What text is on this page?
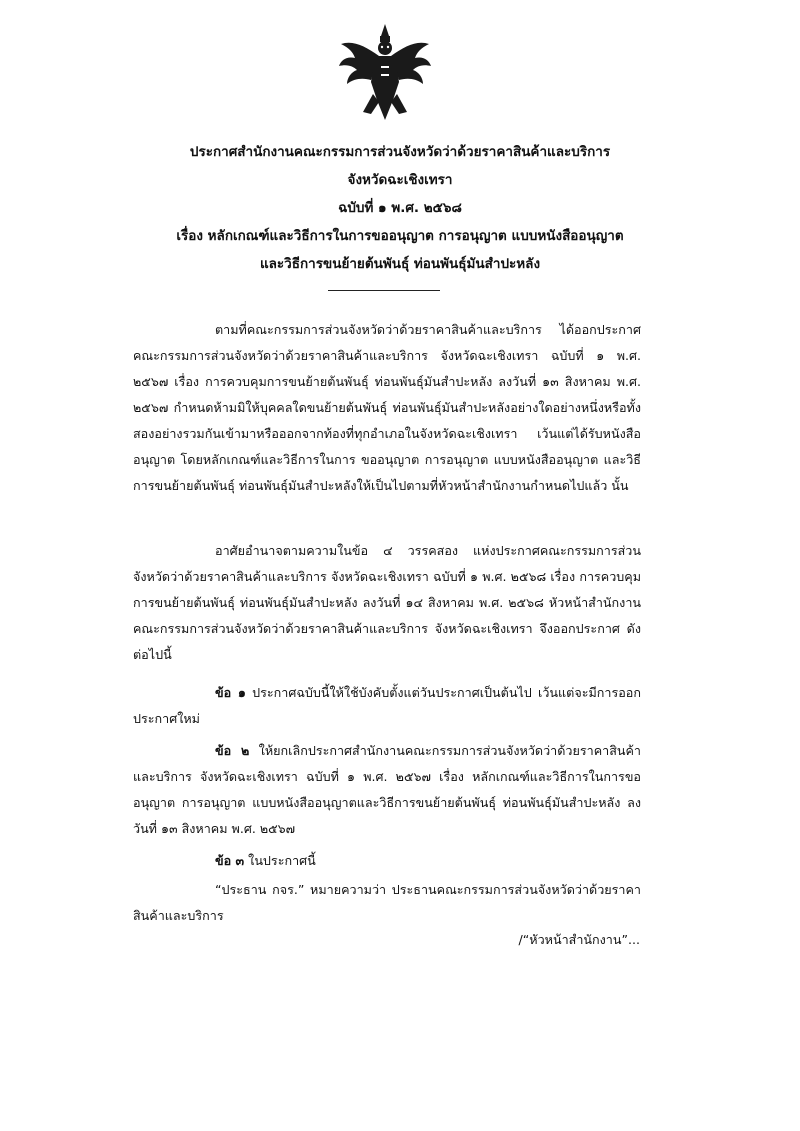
ประกาศสำนักงานคณะกรรมการส่วนจังหวัดว่าด้วยราคาสินค้าและบริการ
จังหวัดฉะเชิงเทรา
ฉบับที่ ๑ พ.ศ. ๒๕๖๘
เรื่อง หลักเกณฑ์และวิธีการในการขออนุญาต การอนุญาต แบบหนังสืออนุญาต
และวิธีการขนย้ายต้นพันธุ์ ท่อนพันธุ์มันสำปะหลัง
ตามที่คณะกรรมการส่วนจังหวัดว่าด้วยราคาสินค้าและบริการ ได้ออกประกาศคณะกรรมการส่วนจังหวัดว่าด้วยราคาสินค้าและบริการ จังหวัดฉะเชิงเทรา ฉบับที่ ๑ พ.ศ. ๒๕๖๗ เรื่อง การควบคุมการขนย้ายต้นพันธุ์ ท่อนพันธุ์มันสำปะหลัง ลงวันที่ ๑๓ สิงหาคม พ.ศ. ๒๕๖๗ กำหนดห้ามมิให้บุคคลใดขนย้ายต้นพันธุ์ ท่อนพันธุ์มันสำปะหลังอย่างใดอย่างหนึ่งหรือทั้งสองอย่างรวมกันเข้ามาหรือออกจากท้องที่ทุกอำเภอในจังหวัดฉะเชิงเทรา เว้นแต่ได้รับหนังสืออนุญาต โดยหลักเกณฑ์และวิธีการในการ ขออนุญาต การอนุญาต แบบหนังสืออนุญาต และวิธีการขนย้ายต้นพันธุ์ ท่อนพันธุ์มันสำปะหลังให้เป็นไปตามที่หัวหน้าสำนักงานกำหนดไปแล้ว นั้น
อาศัยอำนาจตามความในข้อ ๔ วรรคสอง แห่งประกาศคณะกรรมการส่วนจังหวัดว่าด้วยราคาสินค้าและบริการ จังหวัดฉะเชิงเทรา ฉบับที่ ๑ พ.ศ. ๒๕๖๘ เรื่อง การควบคุมการขนย้ายต้นพันธุ์ ท่อนพันธุ์มันสำปะหลัง ลงวันที่ ๑๔ สิงหาคม พ.ศ. ๒๕๖๘ หัวหน้าสำนักงานคณะกรรมการส่วนจังหวัดว่าด้วยราคาสินค้าและบริการ จังหวัดฉะเชิงเทรา จึงออกประกาศ ดังต่อไปนี้
ข้อ ๑ ประกาศฉบับนี้ให้ใช้บังคับตั้งแต่วันประกาศเป็นต้นไป เว้นแต่จะมีการออกประกาศใหม่
ข้อ ๒ ให้ยกเลิกประกาศสำนักงานคณะกรรมการส่วนจังหวัดว่าด้วยราคาสินค้าและบริการ จังหวัดฉะเชิงเทรา ฉบับที่ ๑ พ.ศ. ๒๕๖๗ เรื่อง หลักเกณฑ์และวิธีการในการขออนุญาต การอนุญาต แบบหนังสืออนุญาตและวิธีการขนย้ายต้นพันธุ์ ท่อนพันธุ์มันสำปะหลัง ลงวันที่ ๑๓ สิงหาคม พ.ศ. ๒๕๖๗
ข้อ ๓ ในประกาศนี้
“ประธาน กจร.” หมายความว่า ประธานคณะกรรมการส่วนจังหวัดว่าด้วยราคาสินค้าและบริการ
/“หัวหน้าสำนักงาน”...
